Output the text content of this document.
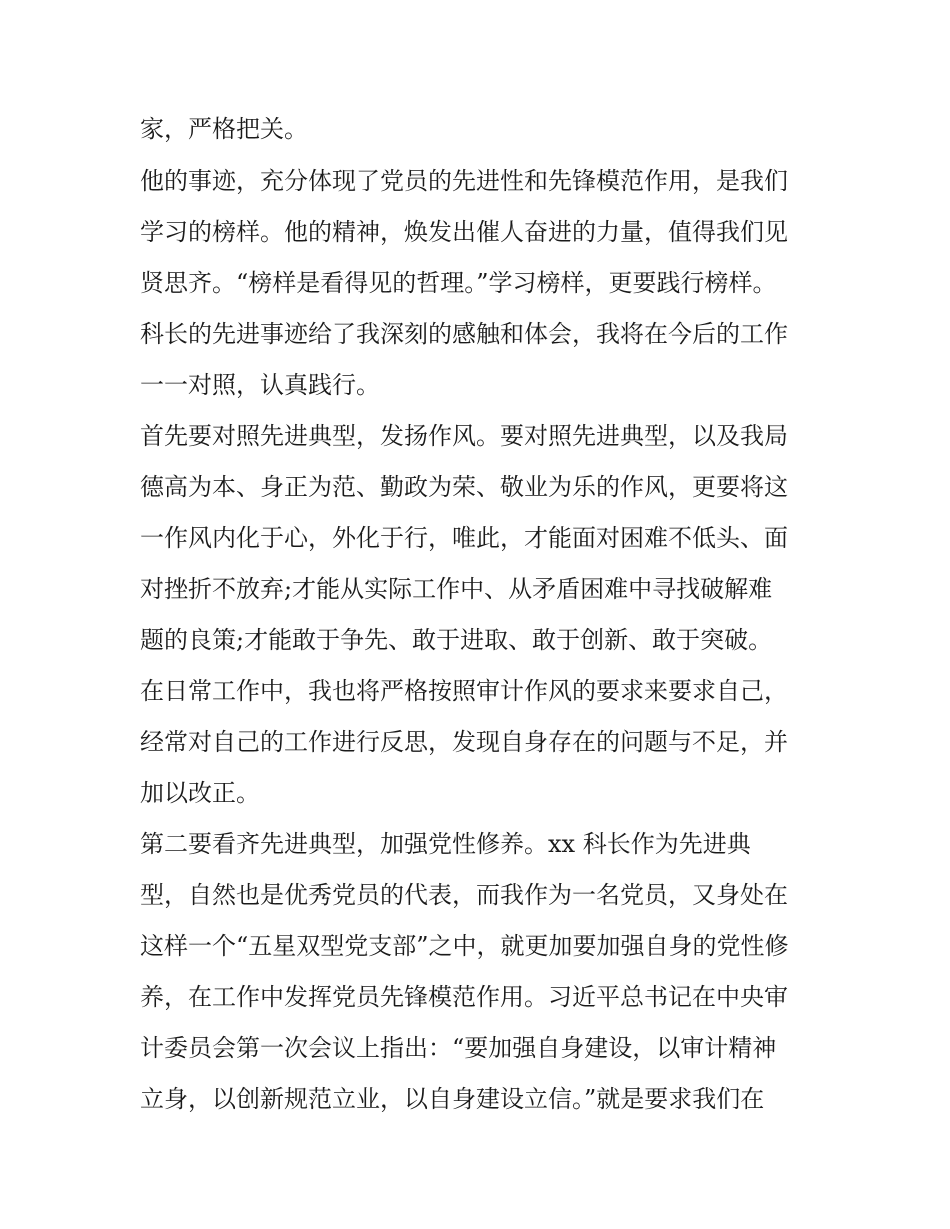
家，严格把关。
他的事迹，充分体现了党员的先进性和先锋模范作用，是我们
学习的榜样。他的精神，焕发出催人奋进的力量，值得我们见
贤思齐。“榜样是看得见的哲理。”学习榜样，更要践行榜样。
科长的先进事迹给了我深刻的感触和体会，我将在今后的工作
一一对照，认真践行。
首先要对照先进典型，发扬作风。要对照先进典型，以及我局
德高为本、身正为范、勤政为荣、敬业为乐的作风，更要将这
一作风内化于心，外化于行，唯此，才能面对困难不低头、面
对挫折不放弃;才能从实际工作中、从矛盾困难中寻找破解难
题的良策;才能敢于争先、敢于进取、敢于创新、敢于突破。
在日常工作中，我也将严格按照审计作风的要求来要求自己，
经常对自己的工作进行反思，发现自身存在的问题与不足，并
加以改正。
第二要看齐先进典型，加强党性修养。xx 科长作为先进典
型，自然也是优秀党员的代表，而我作为一名党员，又身处在
这样一个“五星双型党支部”之中，就更加要加强自身的党性修
养，在工作中发挥党员先锋模范作用。习近平总书记在中央审
计委员会第一次会议上指出：“要加强自身建设，以审计精神
立身，以创新规范立业，以自身建设立信。”就是要求我们在
